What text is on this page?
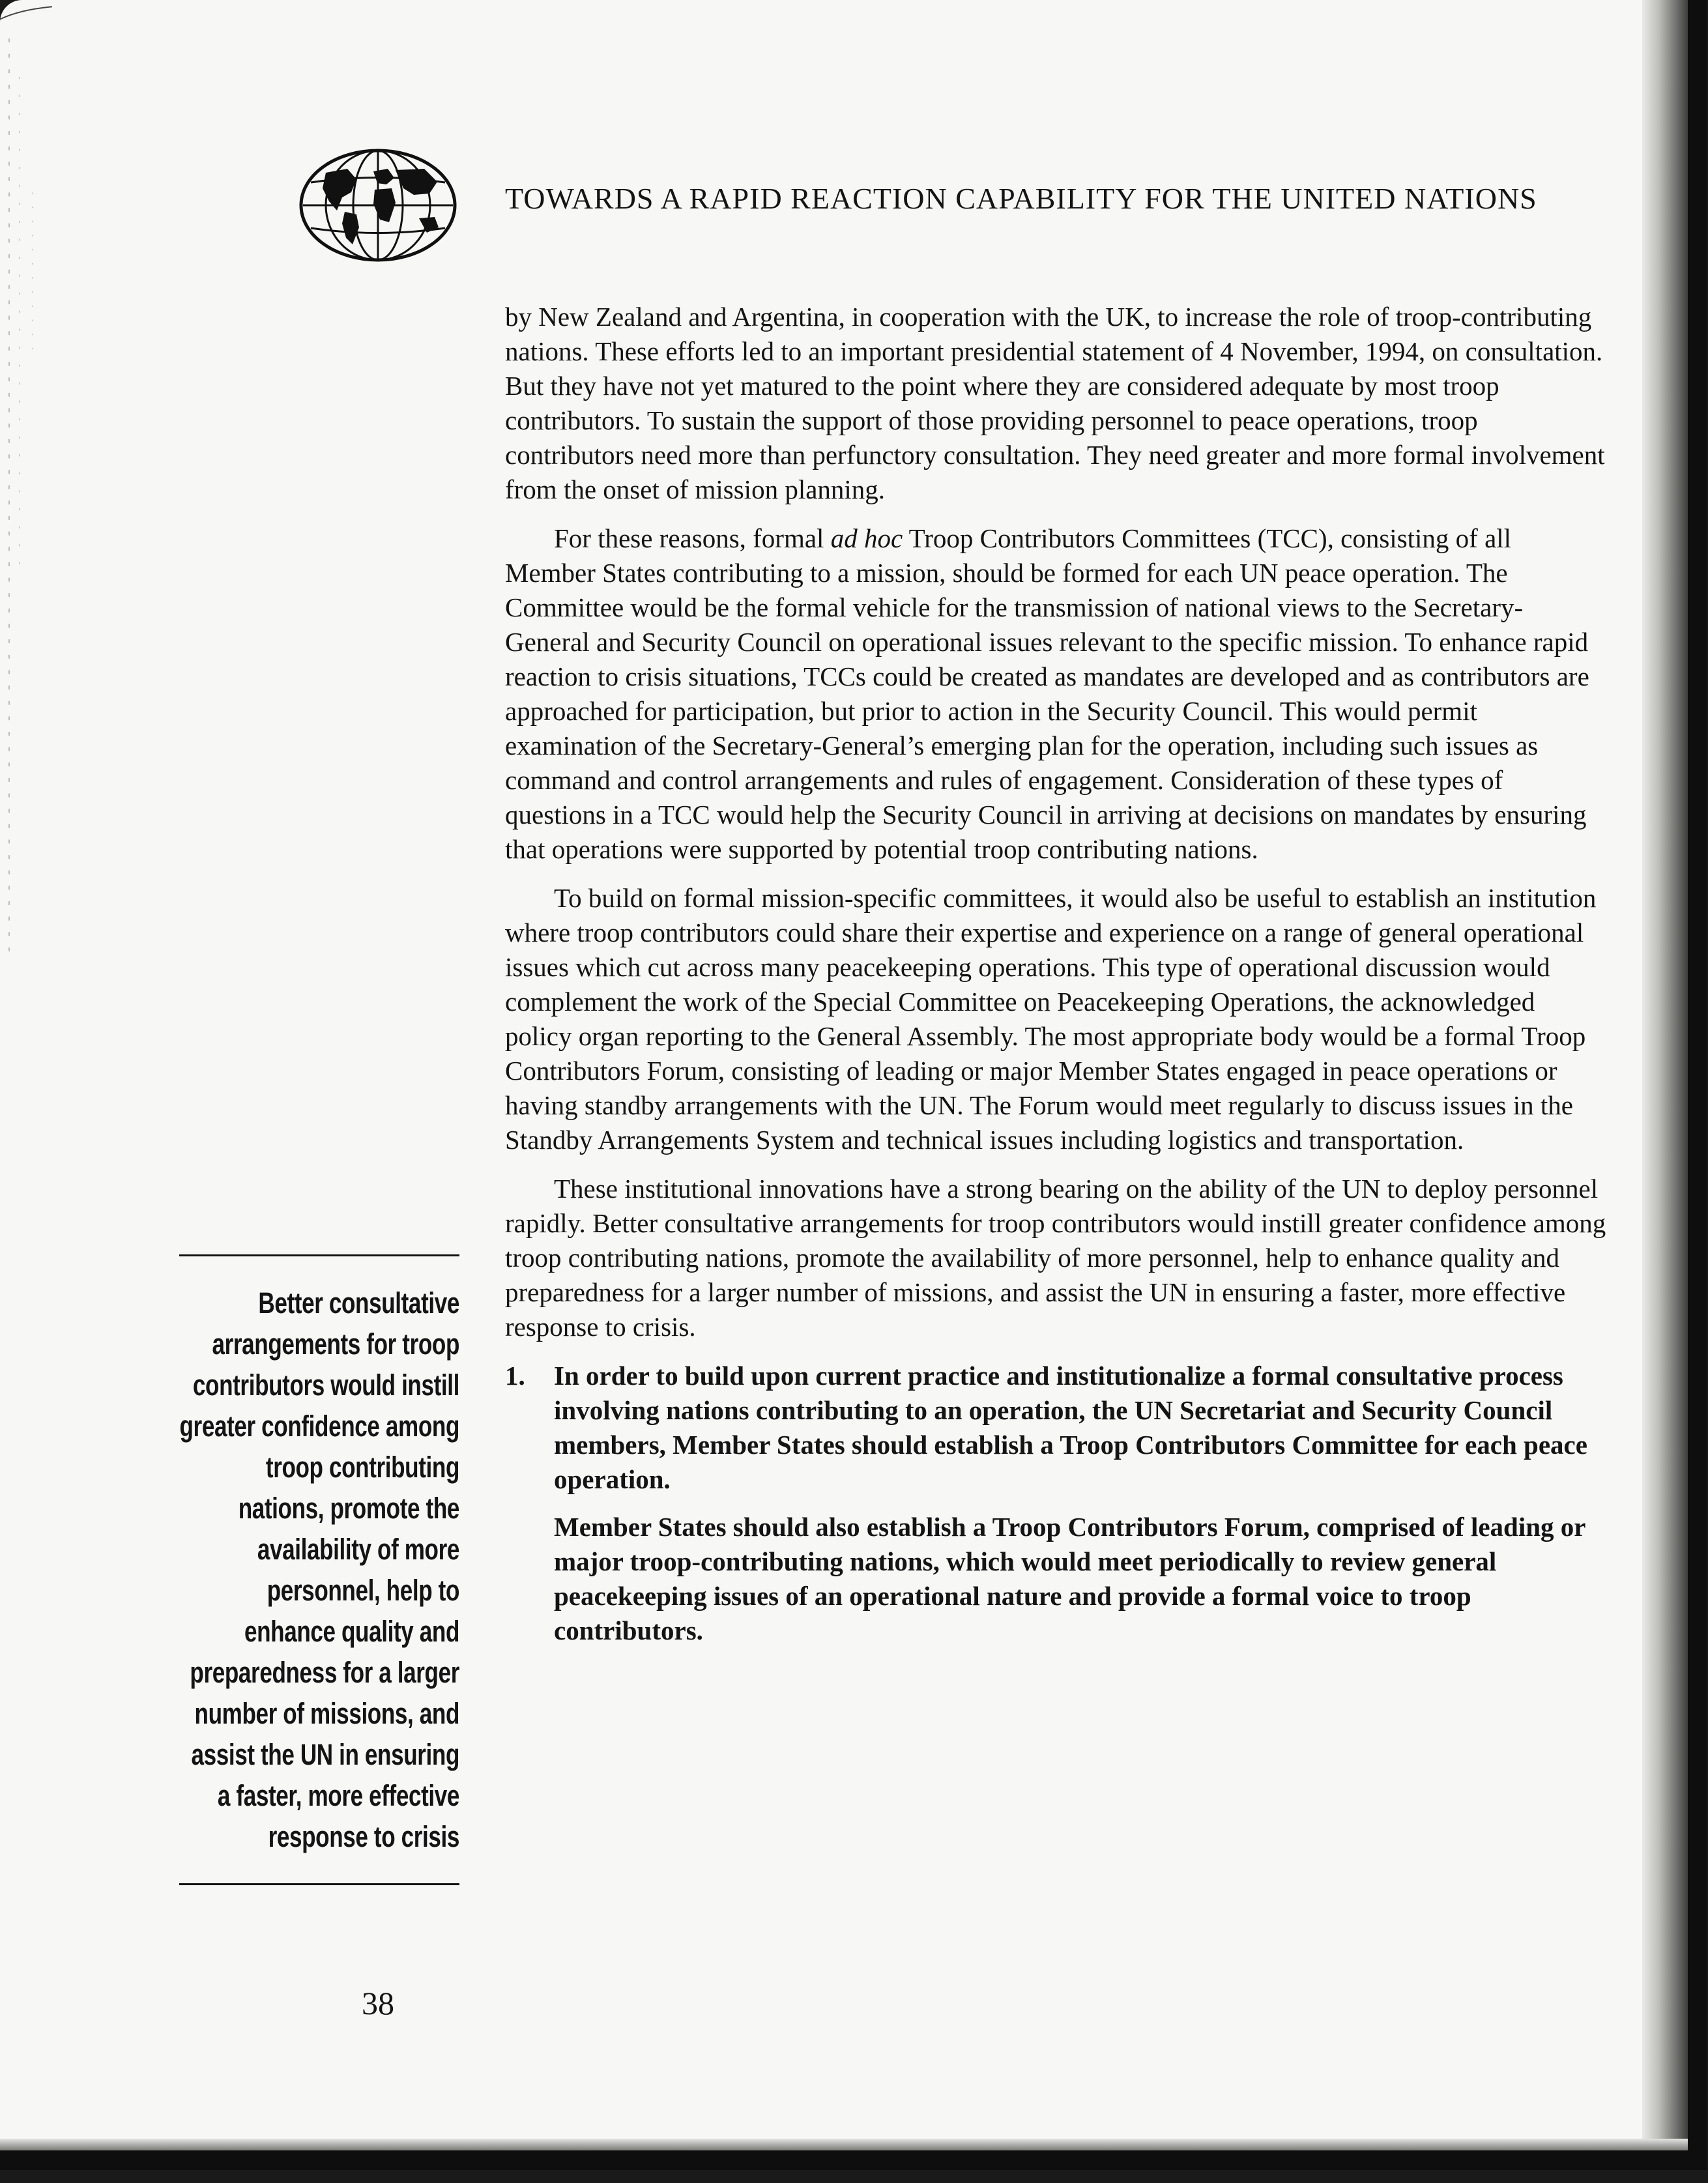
TOWARDS A RAPID REACTION CAPABILITY FOR THE UNITED NATIONS

by New Zealand and Argentina, in cooperation with the UK, to increase the role of troop-contributing nations. These efforts led to an important presidential statement of 4 November, 1994, on consultation. But they have not yet matured to the point where they are considered adequate by most troop contributors. To sustain the support of those providing personnel to peace operations, troop contributors need more than perfunctory consultation. They need greater and more formal involvement from the onset of mission planning.

For these reasons, formal ad hoc Troop Contributors Committees (TCC), consisting of all Member States contributing to a mission, should be formed for each UN peace operation. The Committee would be the formal vehicle for the transmission of national views to the Secretary-General and Security Council on operational issues relevant to the specific mission. To enhance rapid reaction to crisis situations, TCCs could be created as mandates are developed and as contributors are approached for participation, but prior to action in the Security Council. This would permit examination of the Secretary-General’s emerging plan for the operation, including such issues as command and control arrangements and rules of engagement. Consideration of these types of questions in a TCC would help the Security Council in arriving at decisions on mandates by ensuring that operations were supported by potential troop contributing nations.

To build on formal mission-specific committees, it would also be useful to establish an institution where troop contributors could share their expertise and experience on a range of general operational issues which cut across many peacekeeping operations. This type of operational discussion would complement the work of the Special Committee on Peacekeeping Operations, the acknowledged policy organ reporting to the General Assembly. The most appropriate body would be a formal Troop Contributors Forum, consisting of leading or major Member States engaged in peace operations or having standby arrangements with the UN. The Forum would meet regularly to discuss issues in the Standby Arrangements System and technical issues including logistics and transportation.

These institutional innovations have a strong bearing on the ability of the UN to deploy personnel rapidly. Better consultative arrangements for troop contributors would instill greater confidence among troop contributing nations, promote the availability of more personnel, help to enhance quality and preparedness for a larger number of missions, and assist the UN in ensuring a faster, more effective response to crisis.

1.	In order to build upon current practice and institutionalize a formal consultative process involving nations contributing to an operation, the UN Secretariat and Security Council members, Member States should establish a Troop Contributors Committee for each peace operation.

Member States should also establish a Troop Contributors Forum, comprised of leading or major troop-contributing nations, which would meet periodically to review general peacekeeping issues of an operational nature and provide a formal voice to troop contributors.

Better consultative arrangements for troop contributors would instill greater confidence among troop contributing nations, promote the availability of more personnel, help to enhance quality and preparedness for a larger number of missions, and assist the UN in ensuring a faster, more effective response to crisis
38
